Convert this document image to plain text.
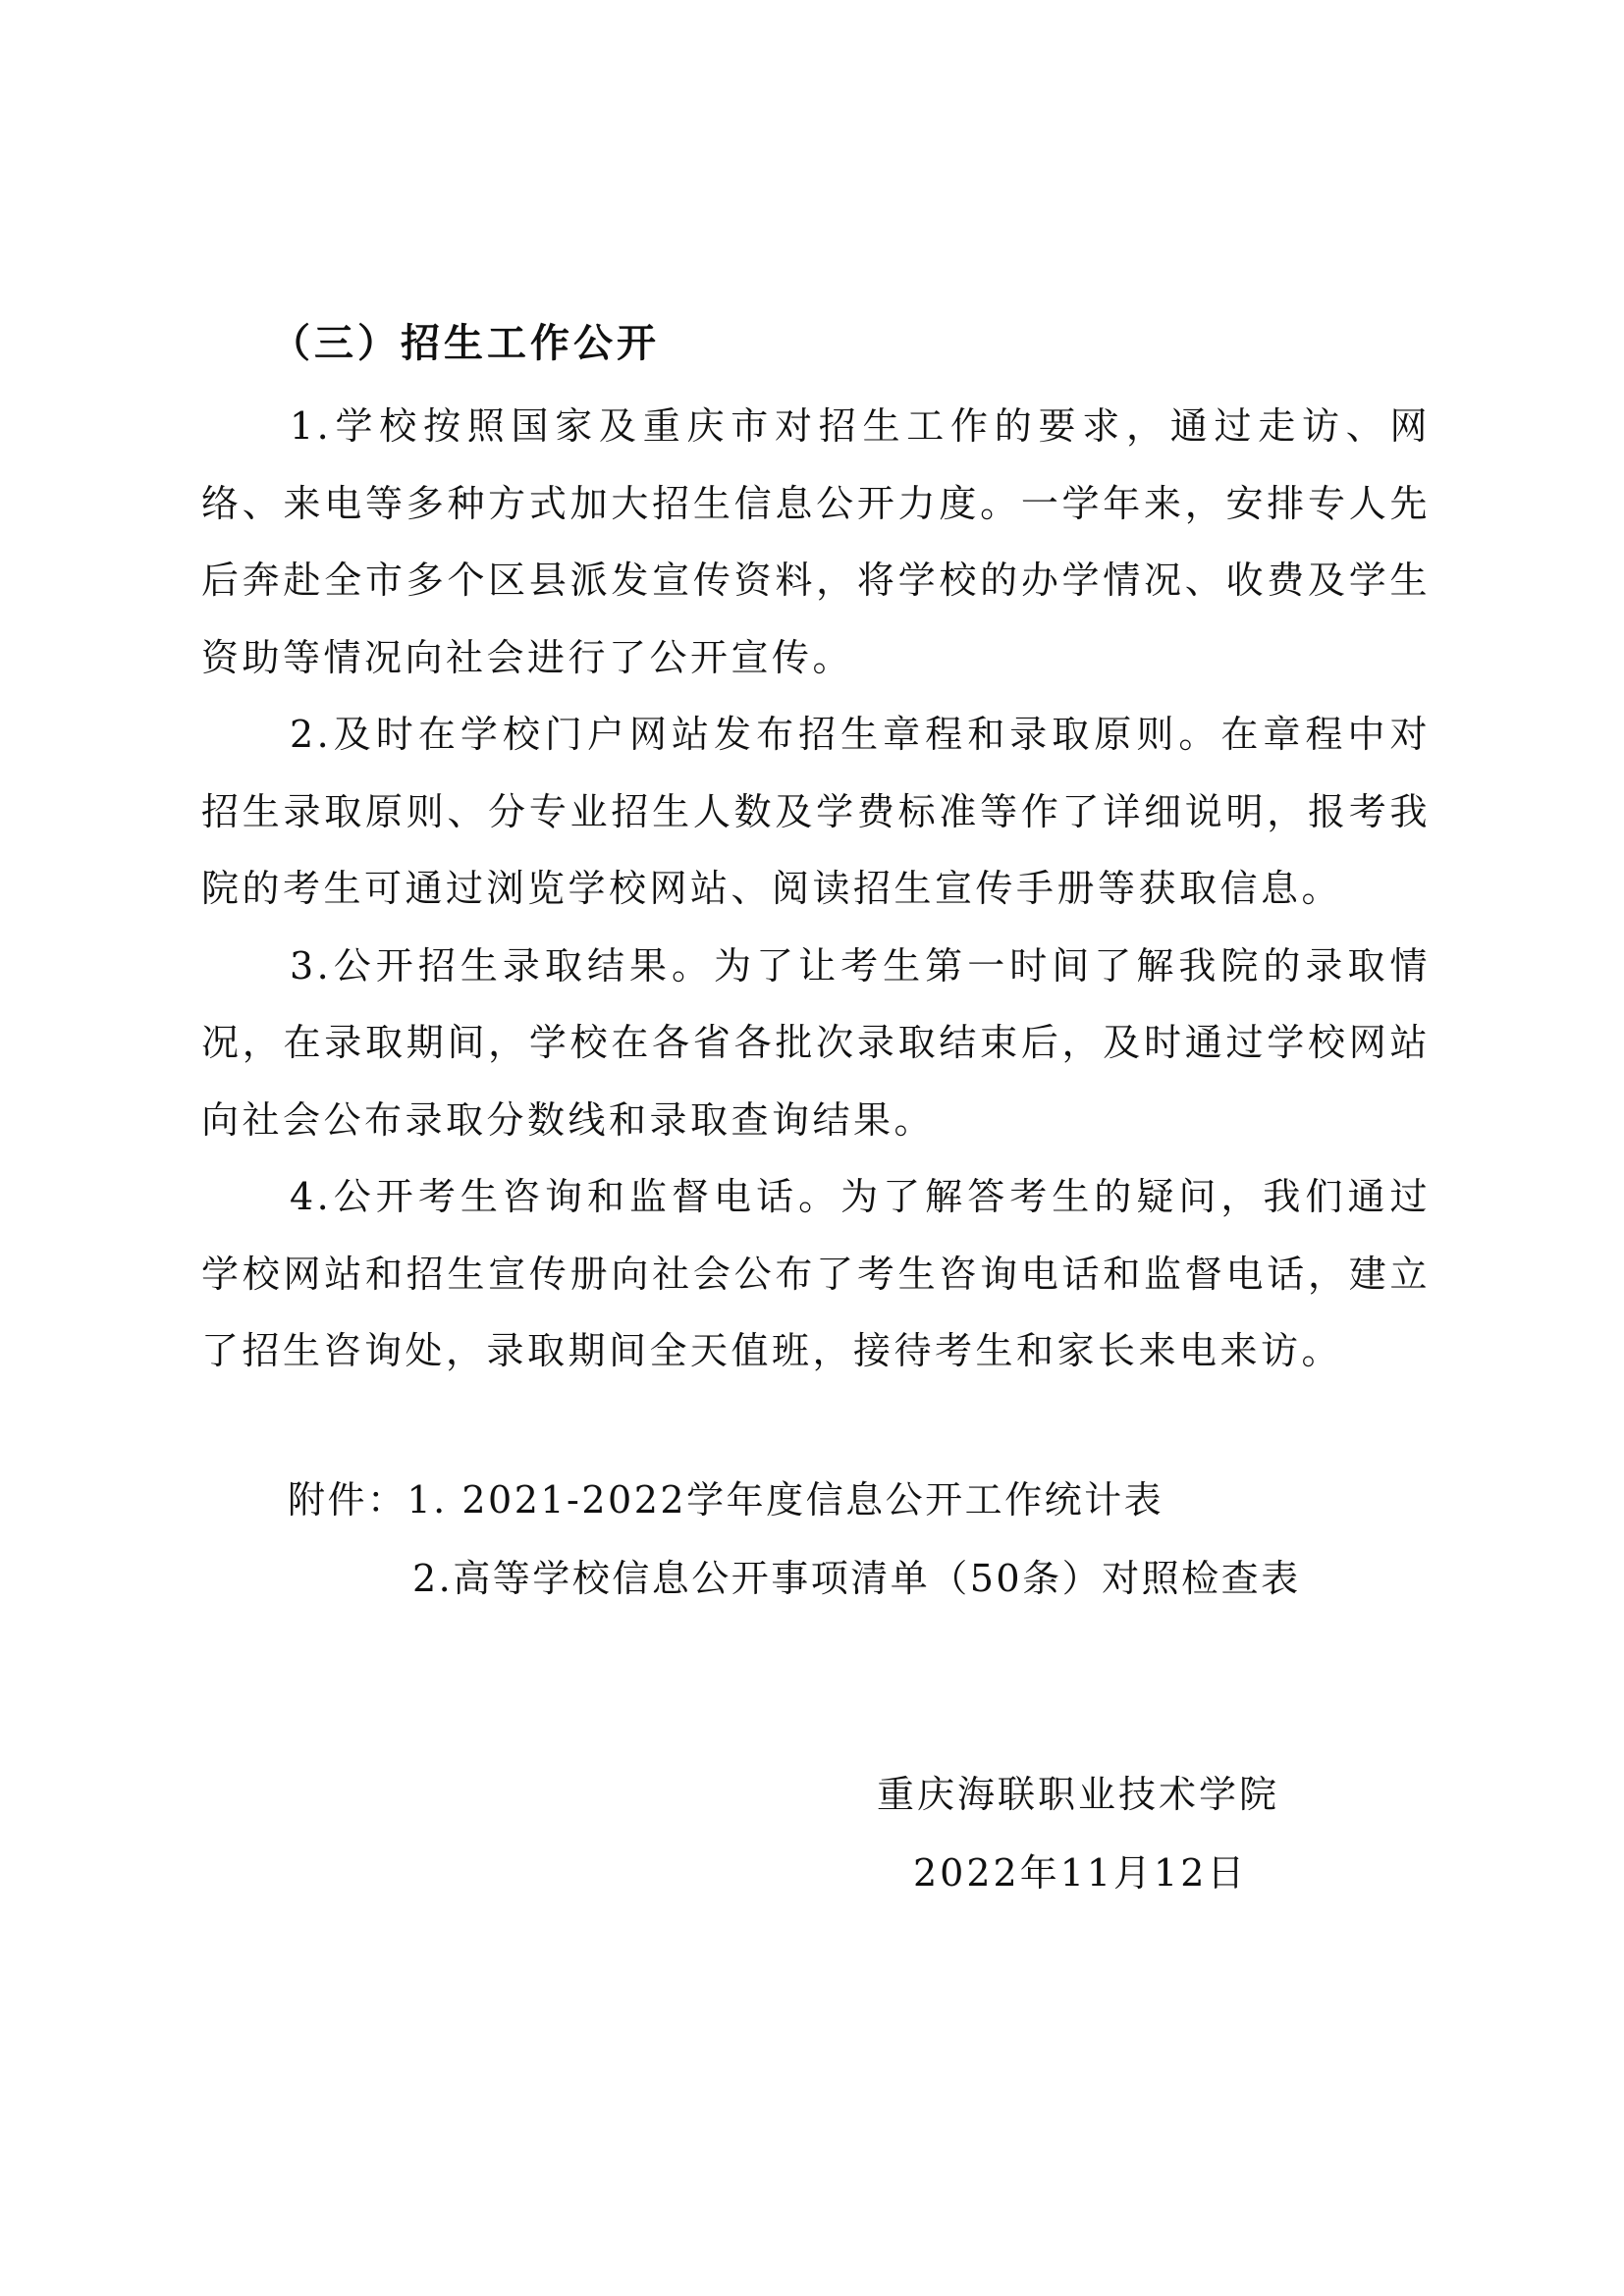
（三）招生工作公开

1.学校按照国家及重庆市对招生工作的要求，通过走访、网络、来电等多种方式加大招生信息公开力度。一学年来，安排专人先后奔赴全市多个区县派发宣传资料，将学校的办学情况、收费及学生资助等情况向社会进行了公开宣传。

2.及时在学校门户网站发布招生章程和录取原则。在章程中对招生录取原则、分专业招生人数及学费标准等作了详细说明，报考我院的考生可通过浏览学校网站、阅读招生宣传手册等获取信息。

3.公开招生录取结果。为了让考生第一时间了解我院的录取情况，在录取期间，学校在各省各批次录取结束后，及时通过学校网站向社会公布录取分数线和录取查询结果。

4.公开考生咨询和监督电话。为了解答考生的疑问，我们通过学校网站和招生宣传册向社会公布了考生咨询电话和监督电话，建立了招生咨询处，录取期间全天值班，接待考生和家长来电来访。

附件：1. 2021-2022学年度信息公开工作统计表
2.高等学校信息公开事项清单（50条）对照检查表
重庆海联职业技术学院
2022年11月12日
